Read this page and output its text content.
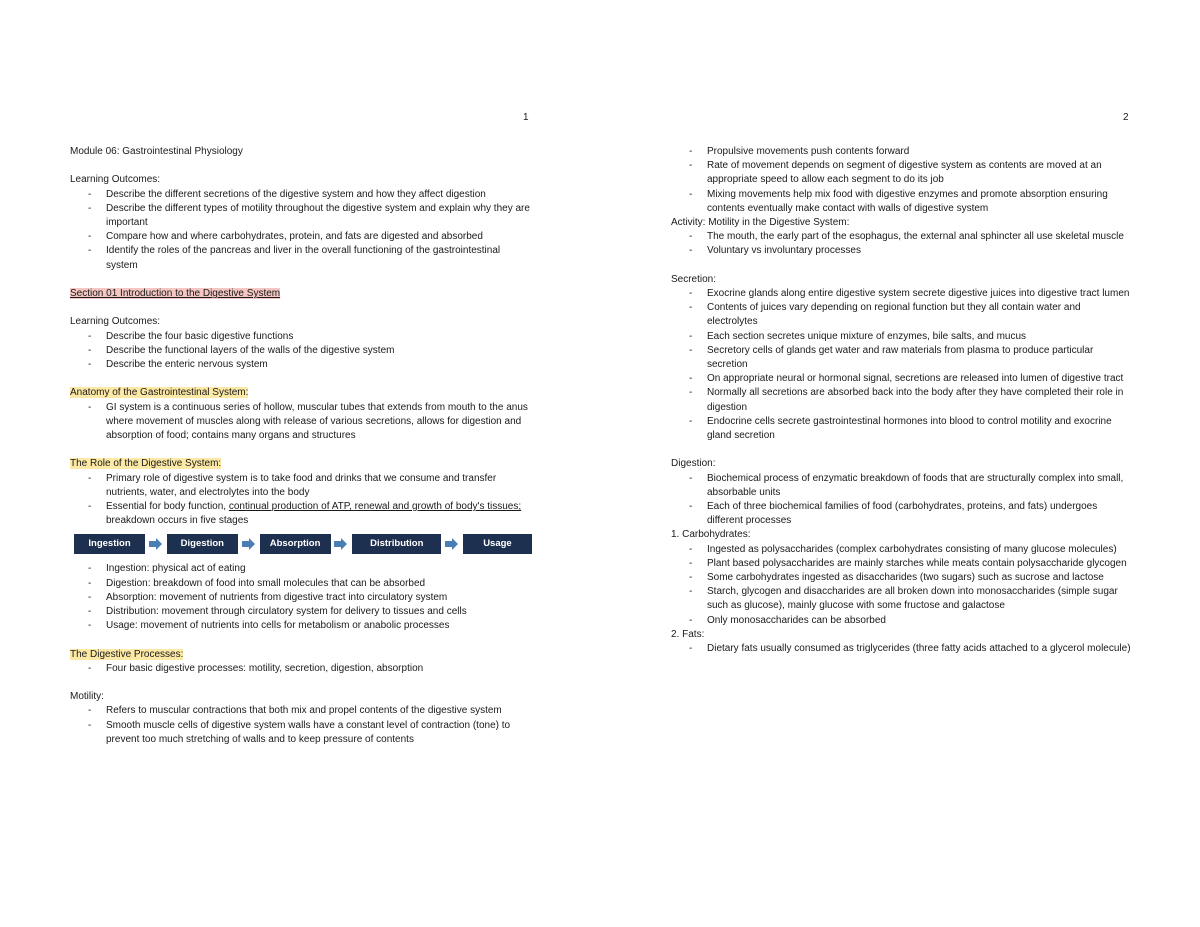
1	2
Module 06: Gastrointestinal Physiology
Learning Outcomes:
- Describe the different secretions of the digestive system and how they affect digestion
- Describe the different types of motility throughout the digestive system and explain why they are important
- Compare how and where carbohydrates, protein, and fats are digested and absorbed
- Identify the roles of the pancreas and liver in the overall functioning of the gastrointestinal system
Section 01 Introduction to the Digestive System
Learning Outcomes:
- Describe the four basic digestive functions
- Describe the functional layers of the walls of the digestive system
- Describe the enteric nervous system
Anatomy of the Gastrointestinal System:
- GI system is a continuous series of hollow, muscular tubes that extends from mouth to the anus where movement of muscles along with release of various secretions, allows for digestion and absorption of food; contains many organs and structures
The Role of the Digestive System:
- Primary role of digestive system is to take food and drinks that we consume and transfer nutrients, water, and electrolytes into the body
- Essential for body function, continual production of ATP, renewal and growth of body's tissues; breakdown occurs in five stages
Ingestion	Digestion	Absorption	Distribution	Usage
- Ingestion: physical act of eating
- Digestion: breakdown of food into small molecules that can be absorbed
- Absorption: movement of nutrients from digestive tract into circulatory system
- Distribution: movement through circulatory system for delivery to tissues and cells
- Usage: movement of nutrients into cells for metabolism or anabolic processes
The Digestive Processes:
- Four basic digestive processes: motility, secretion, digestion, absorption
Motility:
- Refers to muscular contractions that both mix and propel contents of the digestive system
- Smooth muscle cells of digestive system walls have a constant level of contraction (tone) to prevent too much stretching of walls and to keep pressure of contents
- Propulsive movements push contents forward
- Rate of movement depends on segment of digestive system as contents are moved at an appropriate speed to allow each segment to do its job
- Mixing movements help mix food with digestive enzymes and promote absorption ensuring contents eventually make contact with walls of digestive system
Activity: Motility in the Digestive System:
- The mouth, the early part of the esophagus, the external anal sphincter all use skeletal muscle
- Voluntary vs involuntary processes
Secretion:
- Exocrine glands along entire digestive system secrete digestive juices into digestive tract lumen
- Contents of juices vary depending on regional function but they all contain water and electrolytes
- Each section secretes unique mixture of enzymes, bile salts, and mucus
- Secretory cells of glands get water and raw materials from plasma to produce particular secretion
- On appropriate neural or hormonal signal, secretions are released into lumen of digestive tract
- Normally all secretions are absorbed back into the body after they have completed their role in digestion
- Endocrine cells secrete gastrointestinal hormones into blood to control motility and exocrine gland secretion
Digestion:
- Biochemical process of enzymatic breakdown of foods that are structurally complex into small, absorbable units
- Each of three biochemical families of food (carbohydrates, proteins, and fats) undergoes different processes
1. Carbohydrates:
- Ingested as polysaccharides (complex carbohydrates consisting of many glucose molecules)
- Plant based polysaccharides are mainly starches while meats contain polysaccharide glycogen
- Some carbohydrates ingested as disaccharides (two sugars) such as sucrose and lactose
- Starch, glycogen and disaccharides are all broken down into monosaccharides (simple sugar such as glucose), mainly glucose with some fructose and galactose
- Only monosaccharides can be absorbed
2. Fats:
- Dietary fats usually consumed as triglycerides (three fatty acids attached to a glycerol molecule)
